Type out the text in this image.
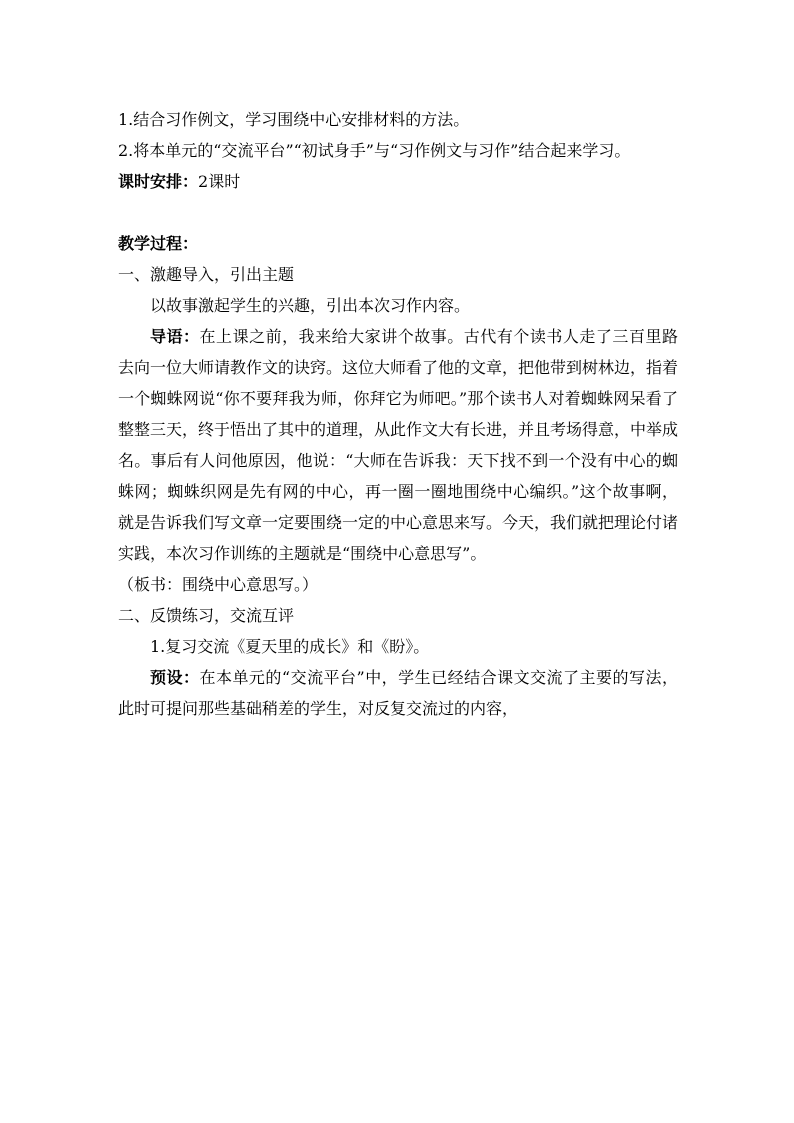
1.结合习作例文，学习围绕中心安排材料的方法。

2.将本单元的“交流平台”“初试身手”与“习作例文与习作”结合起来学习。

课时安排：2课时

教学过程：

一、激趣导入，引出主题

以故事激起学生的兴趣，引出本次习作内容。

导语：在上课之前，我来给大家讲个故事。古代有个读书人走了三百里路去向一位大师请教作文的诀窍。这位大师看了他的文章，把他带到树林边，指着一个蜘蛛网说“你不要拜我为师，你拜它为师吧。”那个读书人对着蜘蛛网呆看了整整三天，终于悟出了其中的道理，从此作文大有长进，并且考场得意，中举成名。事后有人问他原因，他说：“大师在告诉我：天下找不到一个没有中心的蜘蛛网；蜘蛛织网是先有网的中心，再一圈一圈地围绕中心编织。”这个故事啊，就是告诉我们写文章一定要围绕一定的中心意思来写。今天，我们就把理论付诸实践，本次习作训练的主题就是“围绕中心意思写”。

（板书：围绕中心意思写。）

二、反馈练习，交流互评

1.复习交流《夏天里的成长》和《盼》。

预设：在本单元的“交流平台”中，学生已经结合课文交流了主要的写法，此时可提问那些基础稍差的学生，对反复交流过的内容，
